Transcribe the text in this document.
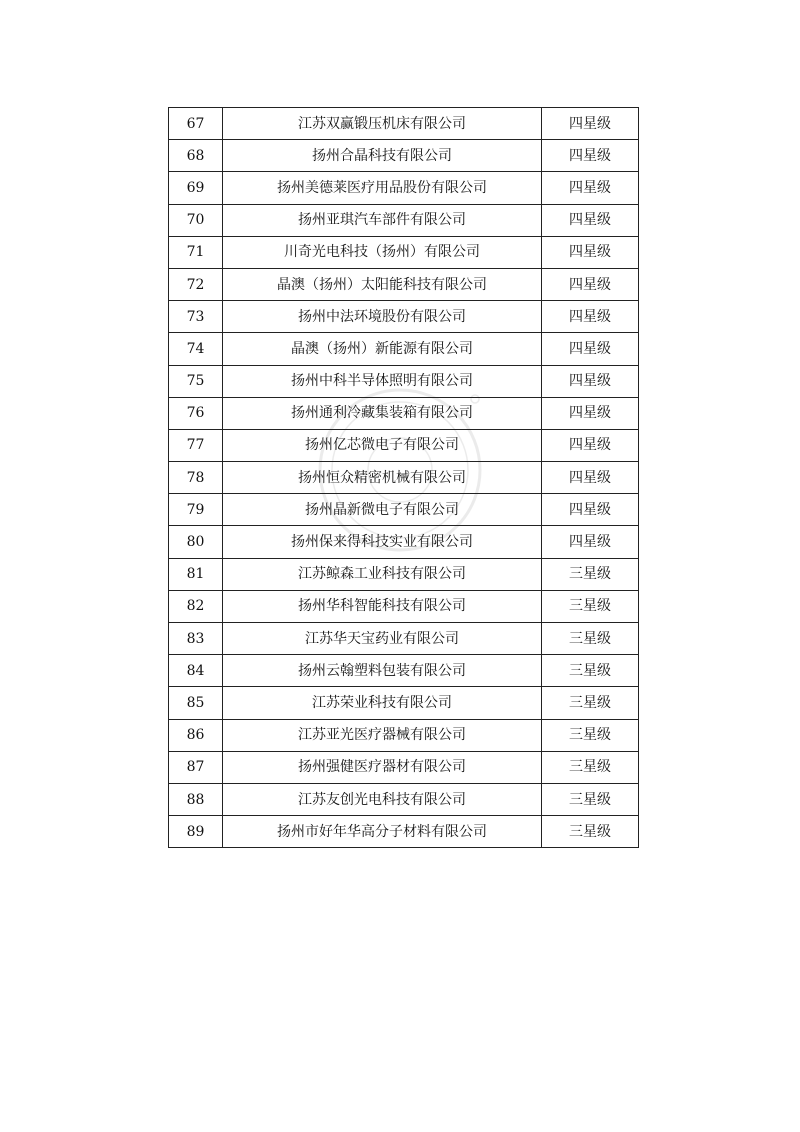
67	江苏双赢锻压机床有限公司	四星级
68	扬州合晶科技有限公司	四星级
69	扬州美德莱医疗用品股份有限公司	四星级
70	扬州亚琪汽车部件有限公司	四星级
71	川奇光电科技（扬州）有限公司	四星级
72	晶澳（扬州）太阳能科技有限公司	四星级
73	扬州中法环境股份有限公司	四星级
74	晶澳（扬州）新能源有限公司	四星级
75	扬州中科半导体照明有限公司	四星级
76	扬州通利冷藏集装箱有限公司	四星级
77	扬州亿芯微电子有限公司	四星级
78	扬州恒众精密机械有限公司	四星级
79	扬州晶新微电子有限公司	四星级
80	扬州保来得科技实业有限公司	四星级
81	江苏鲸森工业科技有限公司	三星级
82	扬州华科智能科技有限公司	三星级
83	江苏华天宝药业有限公司	三星级
84	扬州云翰塑料包装有限公司	三星级
85	江苏荣业科技有限公司	三星级
86	江苏亚光医疗器械有限公司	三星级
87	扬州强健医疗器材有限公司	三星级
88	江苏友创光电科技有限公司	三星级
89	扬州市好年华高分子材料有限公司	三星级
